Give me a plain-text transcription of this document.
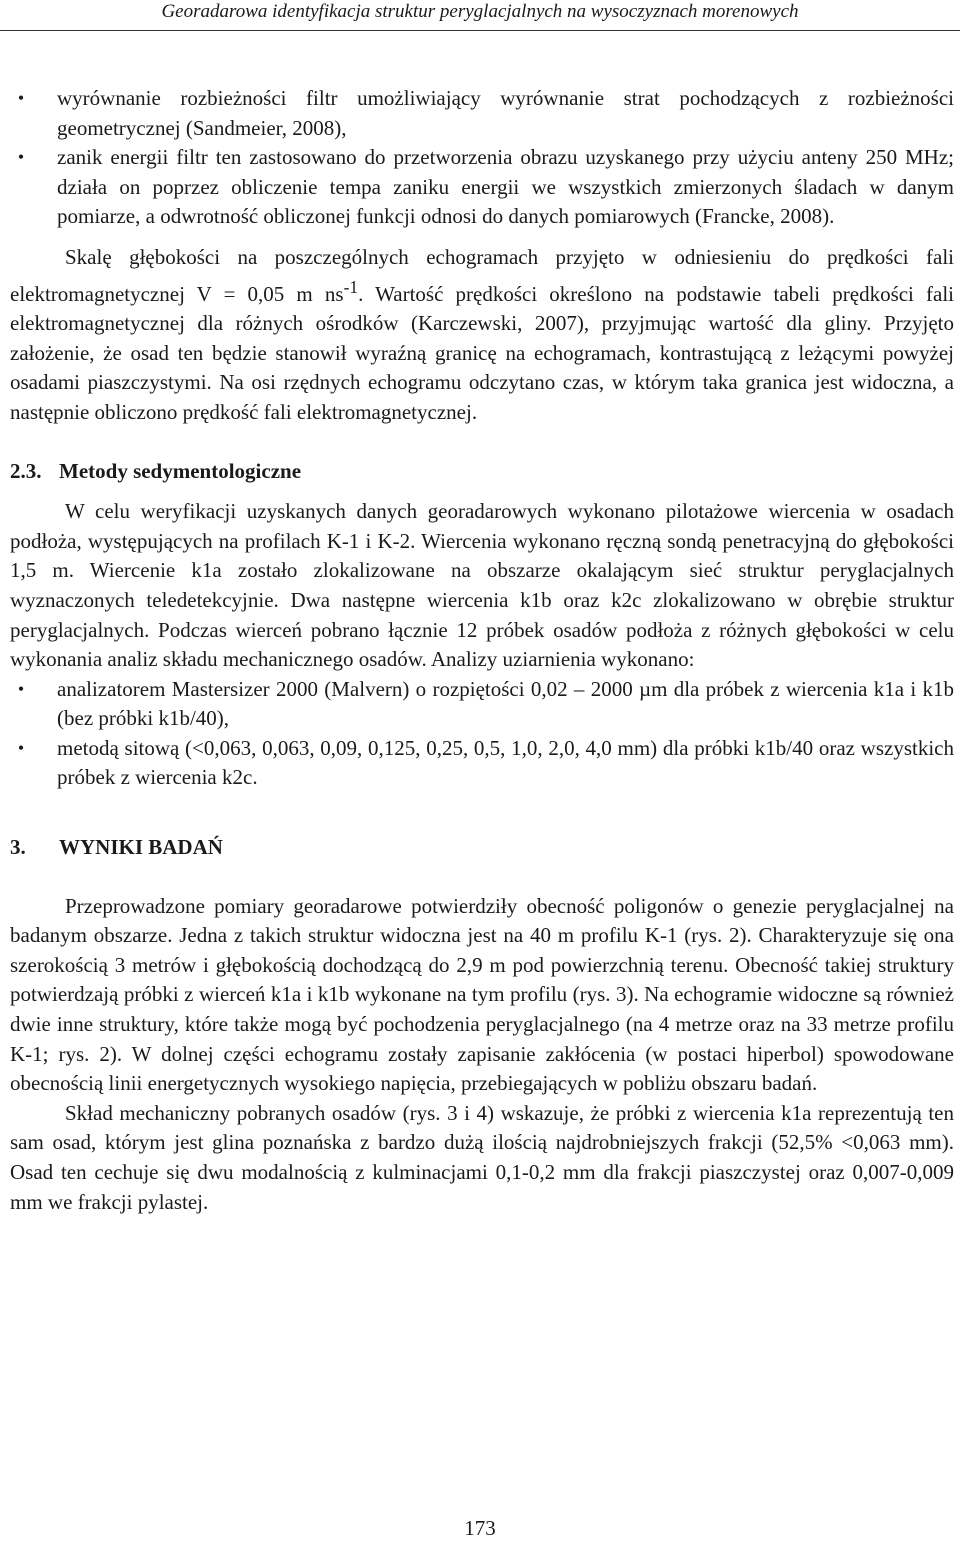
Georadarowa identyfikacja struktur peryglacjalnych na wysoczyznach morenowych
•	wyrównanie rozbieżności filtr umożliwiający wyrównanie strat pochodzących z rozbieżności geometrycznej (Sandmeier, 2008),
•	zanik energii filtr ten zastosowano do przetworzenia obrazu uzyskanego przy użyciu anteny 250 MHz; działa on poprzez obliczenie tempa zaniku energii we wszystkich zmierzonych śladach w danym pomiarze, a odwrotność obliczonej funkcji odnosi do danych pomiarowych (Francke, 2008).

Skalę głębokości na poszczególnych echogramach przyjęto w odniesieniu do prędkości fali elektromagnetycznej V = 0,05 m $ns^{-1}$. Wartość prędkości określono na podstawie tabeli prędkości fali elektromagnetycznej dla różnych ośrodków (Karczewski, 2007), przyjmując wartość dla gliny. Przyjęto założenie, że osad ten będzie stanowił wyraźną granicę na echogramach, kontrastującą z leżącymi powyżej osadami piaszczystymi. Na osi rzędnych echogramu odczytano czas, w którym taka granica jest widoczna, a następnie obliczono prędkość fali elektromagnetycznej.

2.3. Metody sedymentologiczne

W celu weryfikacji uzyskanych danych georadarowych wykonano pilotażowe wiercenia w osadach podłoża, występujących na profilach K-1 i K-2. Wiercenia wykonano ręczną sondą penetracyjną do głębokości 1,5 m. Wiercenie k1a zostało zlokalizowane na obszarze okalającym sieć struktur peryglacjalnych wyznaczonych teledetekcyjnie. Dwa następne wiercenia k1b oraz k2c zlokalizowano w obrębie struktur peryglacjalnych. Podczas wierceń pobrano łącznie 12 próbek osadów podłoża z różnych głębokości w celu wykonania analiz składu mechanicznego osadów. Analizy uziarnienia wykonano:

•	analizatorem Mastersizer 2000 (Malvern) o rozpiętości 0,02 – 2000 µm dla próbek z wiercenia k1a i k1b (bez próbki k1b/40),
•	metodą sitową (<0,063, 0,063, 0,09, 0,125, 0,25, 0,5, 1,0, 2,0, 4,0 mm) dla próbki k1b/40 oraz wszystkich próbek z wiercenia k2c.
3. WYNIKI BADAŃ

Przeprowadzone pomiary georadarowe potwierdziły obecność poligonów o genezie peryglacjalnej na badanym obszarze. Jedna z takich struktur widoczna jest na 40 m profilu K-1 (rys. 2). Charakteryzuje się ona szerokością 3 metrów i głębokością dochodzącą do 2,9 m pod powierzchnią terenu. Obecność takiej struktury potwierdzają próbki z wierceń k1a i k1b wykonane na tym profilu (rys. 3). Na echogramie widoczne są również dwie inne struktury, które także mogą być pochodzenia peryglacjalnego (na 4 metrze oraz na 33 metrze profilu K-1; rys. 2). W dolnej części echogramu zostały zapisanie zakłócenia (w postaci hiperbol) spowodowane obecnością linii energetycznych wysokiego napięcia, przebiegających w pobliżu obszaru badań.

Skład mechaniczny pobranych osadów (rys. 3 i 4) wskazuje, że próbki z wiercenia k1a reprezentują ten sam osad, którym jest glina poznańska z bardzo dużą ilością najdrobniejszych frakcji (52,5% <0,063 mm). Osad ten cechuje się dwu modalnością z kulminacjami 0,1-0,2 mm dla frakcji piaszczystej oraz 0,007-0,009 mm we frakcji pylastej.

173
